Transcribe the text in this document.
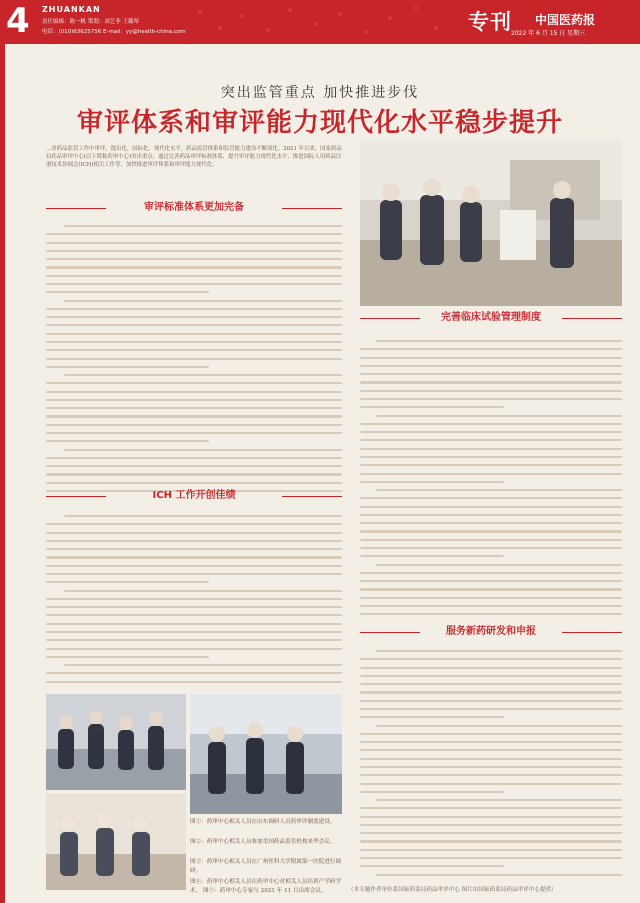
4 ZHUANKAN
责任编辑：陈一帆 策划：刘艺菲 王璐琴
电话：(010)63625756 E-mail：yy@health-china.com	专刊 中国医药报
2022 年 6 月 15 日 星期三
突出监管重点 加快推进步伐
审评体系和审评能力现代化水平稳步提升
…省药品监管工作中审评，提出化，国际化，现代化水平，药品监管体系和监管能力建设不断深化。2021 年以来，国家药品局药品审评中心(以下简称药审中心)突出重点，通过完善药品审评标准体系，提升审评能力现代化水平，推进国际人用药品注册技术协调会(ICH)相关工作等，加快推进审评体系和审评能力现代化。
审评标准体系更加完备
完善临床试验管理制度
ICH 工作开创佳绩
图①：药审中心相关人员在山东调研人员药审评制度建设。
图②：药审中心相关人员参加美国药品监管机构来华会议。
图③：药审中心相关人员在广州医科大学附属第一医院进行调研。
图④：药审中心相关人员在药审中心对相关人员培训产学研学术。 图⑤：药审中心专家与 2021 年 11 月出席会议。
服务新药研发和申报
（本专题作者单位系国家药监局药品审评中心 图片由国家药监局药品审评中心提供）
